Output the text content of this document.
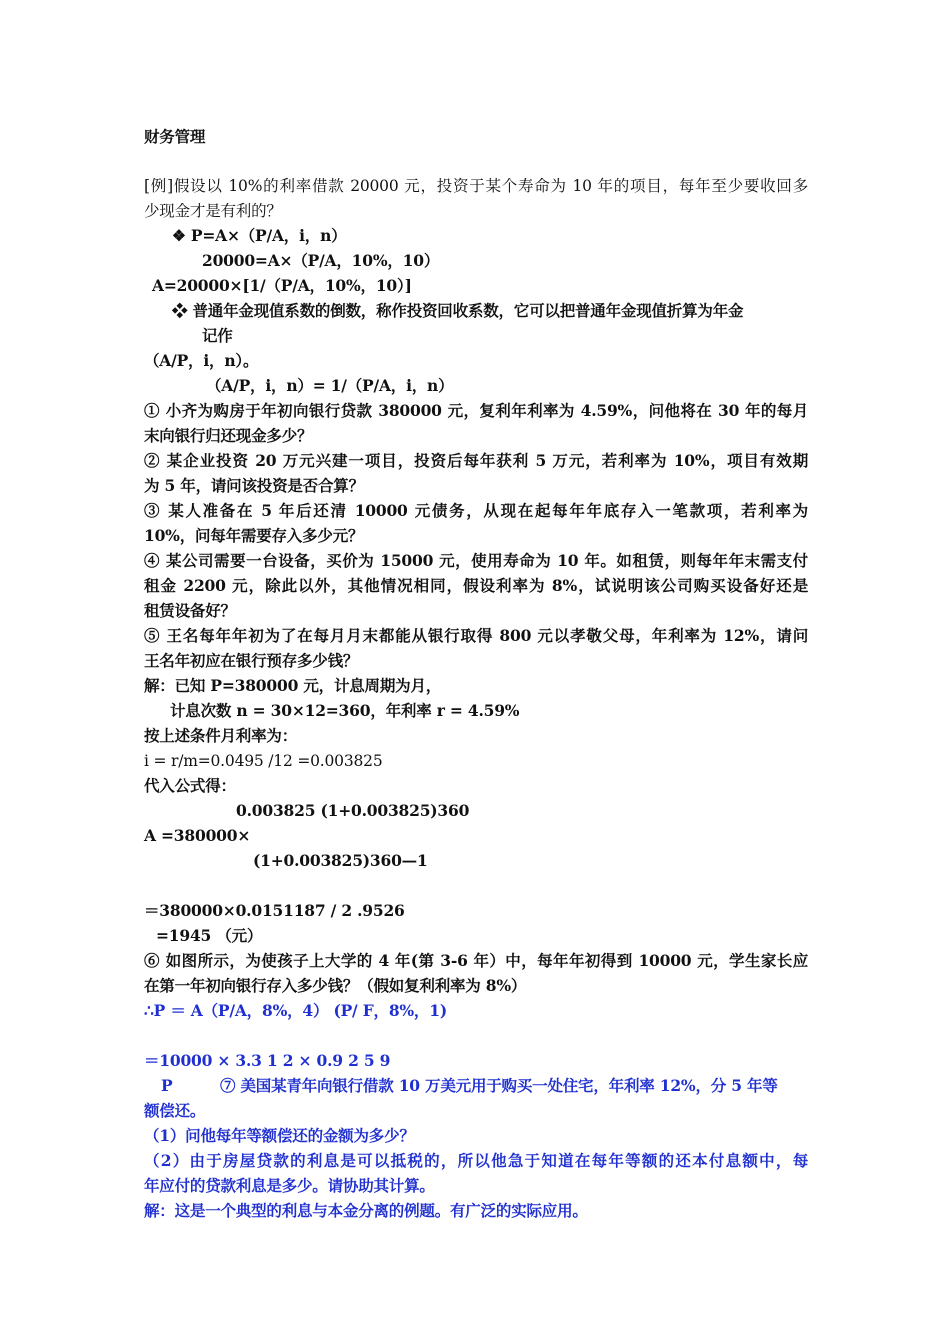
财务管理
[例]假设以 10%的利率借款 20000 元，投资于某个寿命为 10 年的项目，每年至少要收回多
少现金才是有利的？
❖ P=A×（P/A，i，n）
20000=A×（P/A，10%，10）
A=20000×[1/（P/A，10%，10）]
❖ 普通年金现值系数的倒数，称作投资回收系数，它可以把普通年金现值折算为年金
记作
（A/P，i，n）。
（A/P，i，n）= 1/（P/A，i，n）
① 小齐为购房于年初向银行贷款 380000 元，复利年利率为 4.59%，问他将在 30 年的每月
末向银行归还现金多少？
② 某企业投资 20 万元兴建一项目，投资后每年获利 5 万元，若利率为 10%，项目有效期
为 5 年，请问该投资是否合算？
③ 某人准备在 5 年后还清 10000 元债务，从现在起每年年底存入一笔款项，若利率为
10%，问每年需要存入多少元？
④ 某公司需要一台设备，买价为 15000 元，使用寿命为 10 年。如租赁，则每年年末需支付
租金 2200 元，除此以外，其他情况相同，假设利率为 8%，试说明该公司购买设备好还是
租赁设备好？
⑤ 王名每年年初为了在每月月末都能从银行取得 800 元以孝敬父母，年利率为 12%，请问
王名年初应在银行预存多少钱？
解：已知 P=380000 元，计息周期为月，
计息次数 n = 30×12=360，年利率 r = 4.59%
按上述条件月利率为：
i = r/m=0.0495 /12 =0.003825
代入公式得：
0.003825 (1+0.003825)360
A =380000×
(1+0.003825)360—1
＝380000×0.0151187 / 2 .9526
=1945 （元）
⑥ 如图所示，为使孩子上大学的 4 年(第 3-6 年）中，每年年初得到 10000 元，学生家长应
在第一年初向银行存入多少钱？（假如复利利率为 8%）
∴P ＝ A（P/A，8%，4） (P/ F，8%，1)
＝10000 × 3.3 1 2 × 0.9 2 5 9
P	⑦ 美国某青年向银行借款 10 万美元用于购买一处住宅，年利率 12%，分 5 年等
额偿还。
（1）问他每年等额偿还的金额为多少？
（2）由于房屋贷款的利息是可以抵税的，所以他急于知道在每年等额的还本付息额中，每
年应付的贷款利息是多少。请协助其计算。
解：这是一个典型的利息与本金分离的例题。有广泛的实际应用。
